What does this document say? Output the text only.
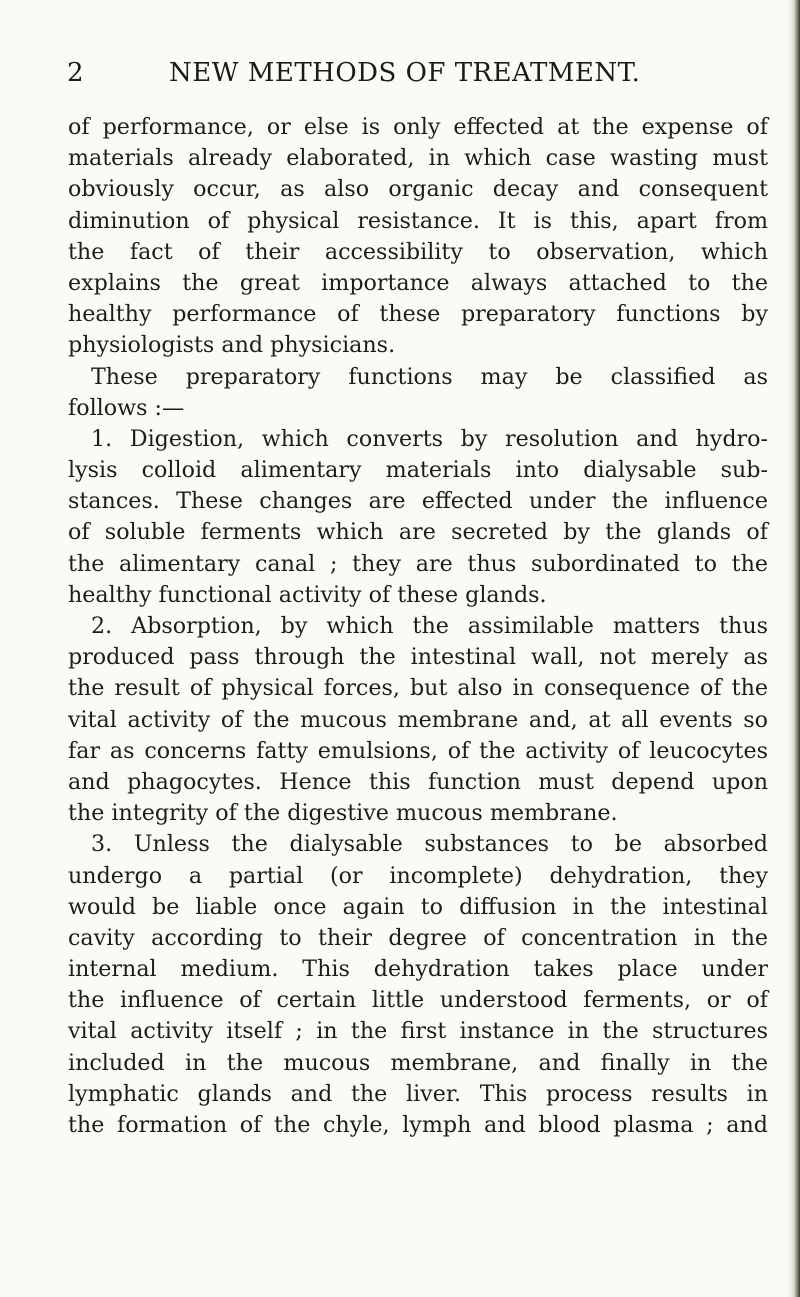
2	NEW METHODS OF TREATMENT.
of performance, or else is only effected at the expense of
materials already elaborated, in which case wasting must
obviously occur, as also organic decay and consequent
diminution of physical resistance. It is this, apart from
the fact of their accessibility to observation, which
explains the great importance always attached to the
healthy performance of these preparatory functions by
physiologists and physicians.
These preparatory functions may be classified as
follows :—
1. Digestion, which converts by resolution and hydro-
lysis colloid alimentary materials into dialysable sub-
stances. These changes are effected under the influence
of soluble ferments which are secreted by the glands of
the alimentary canal ; they are thus subordinated to the
healthy functional activity of these glands.
2. Absorption, by which the assimilable matters thus
produced pass through the intestinal wall, not merely as
the result of physical forces, but also in consequence of the
vital activity of the mucous membrane and, at all events so
far as concerns fatty emulsions, of the activity of leucocytes
and phagocytes. Hence this function must depend upon
the integrity of the digestive mucous membrane.
3. Unless the dialysable substances to be absorbed
undergo a partial (or incomplete) dehydration, they
would be liable once again to diffusion in the intestinal
cavity according to their degree of concentration in the
internal medium. This dehydration takes place under
the influence of certain little understood ferments, or of
vital activity itself ; in the first instance in the structures
included in the mucous membrane, and finally in the
lymphatic glands and the liver. This process results in
the formation of the chyle, lymph and blood plasma ; and
